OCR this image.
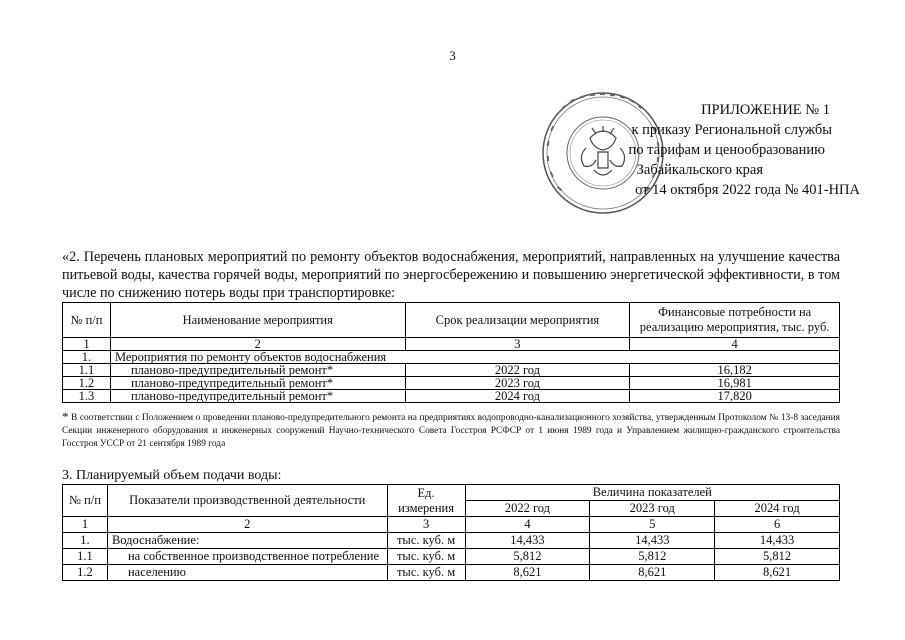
3
ПРИЛОЖЕНИЕ № 1
к приказу Региональной службы
по тарифам и ценообразованию
Забайкальского края
от 14 октября 2022 года № 401-НПА
«2. Перечень плановых мероприятий по ремонту объектов водоснабжения, мероприятий, направленных на улучшение качества питьевой воды, качества горячей воды, мероприятий по энергосбережению и повышению энергетической эффективности, в том числе по снижению потерь воды при транспортировке:
№ п/п	Наименование мероприятия	Срок реализации мероприятия	Финансовые потребности на реализацию мероприятия, тыс. руб.
1	2	3	4
1.	Мероприятия по ремонту объектов водоснабжения		
1.1	планово-предупредительный ремонт*	2022 год	16,182
1.2	планово-предупредительный ремонт*	2023 год	16,981
1.3	планово-предупредительный ремонт*	2024 год	17,820
* В соответствии с Положением о проведении планово-предупредительного ремонта на предприятиях водопроводно-канализационного хозяйства, утвержденным Протоколом № 13-8 заседания Секции инженерного оборудования и инженерных сооружений Научно-технического Совета Госстроя РСФСР от 1 июня 1989 года и Управлением жилищно-гражданского строительства Госстроя УССР от 21 сентября 1989 года
3. Планируемый объем подачи воды:
№ п/п	Показатели производственной деятельности	Ед. измерения	Величина показателей		
			2022 год	2023 год	2024 год
1	2	3	4	5	6
1.	Водоснабжение:	тыс. куб. м	14,433	14,433	14,433
1.1	на собственное производственное потребление	тыс. куб. м	5,812	5,812	5,812
1.2	населению	тыс. куб. м	8,621	8,621	8,621
